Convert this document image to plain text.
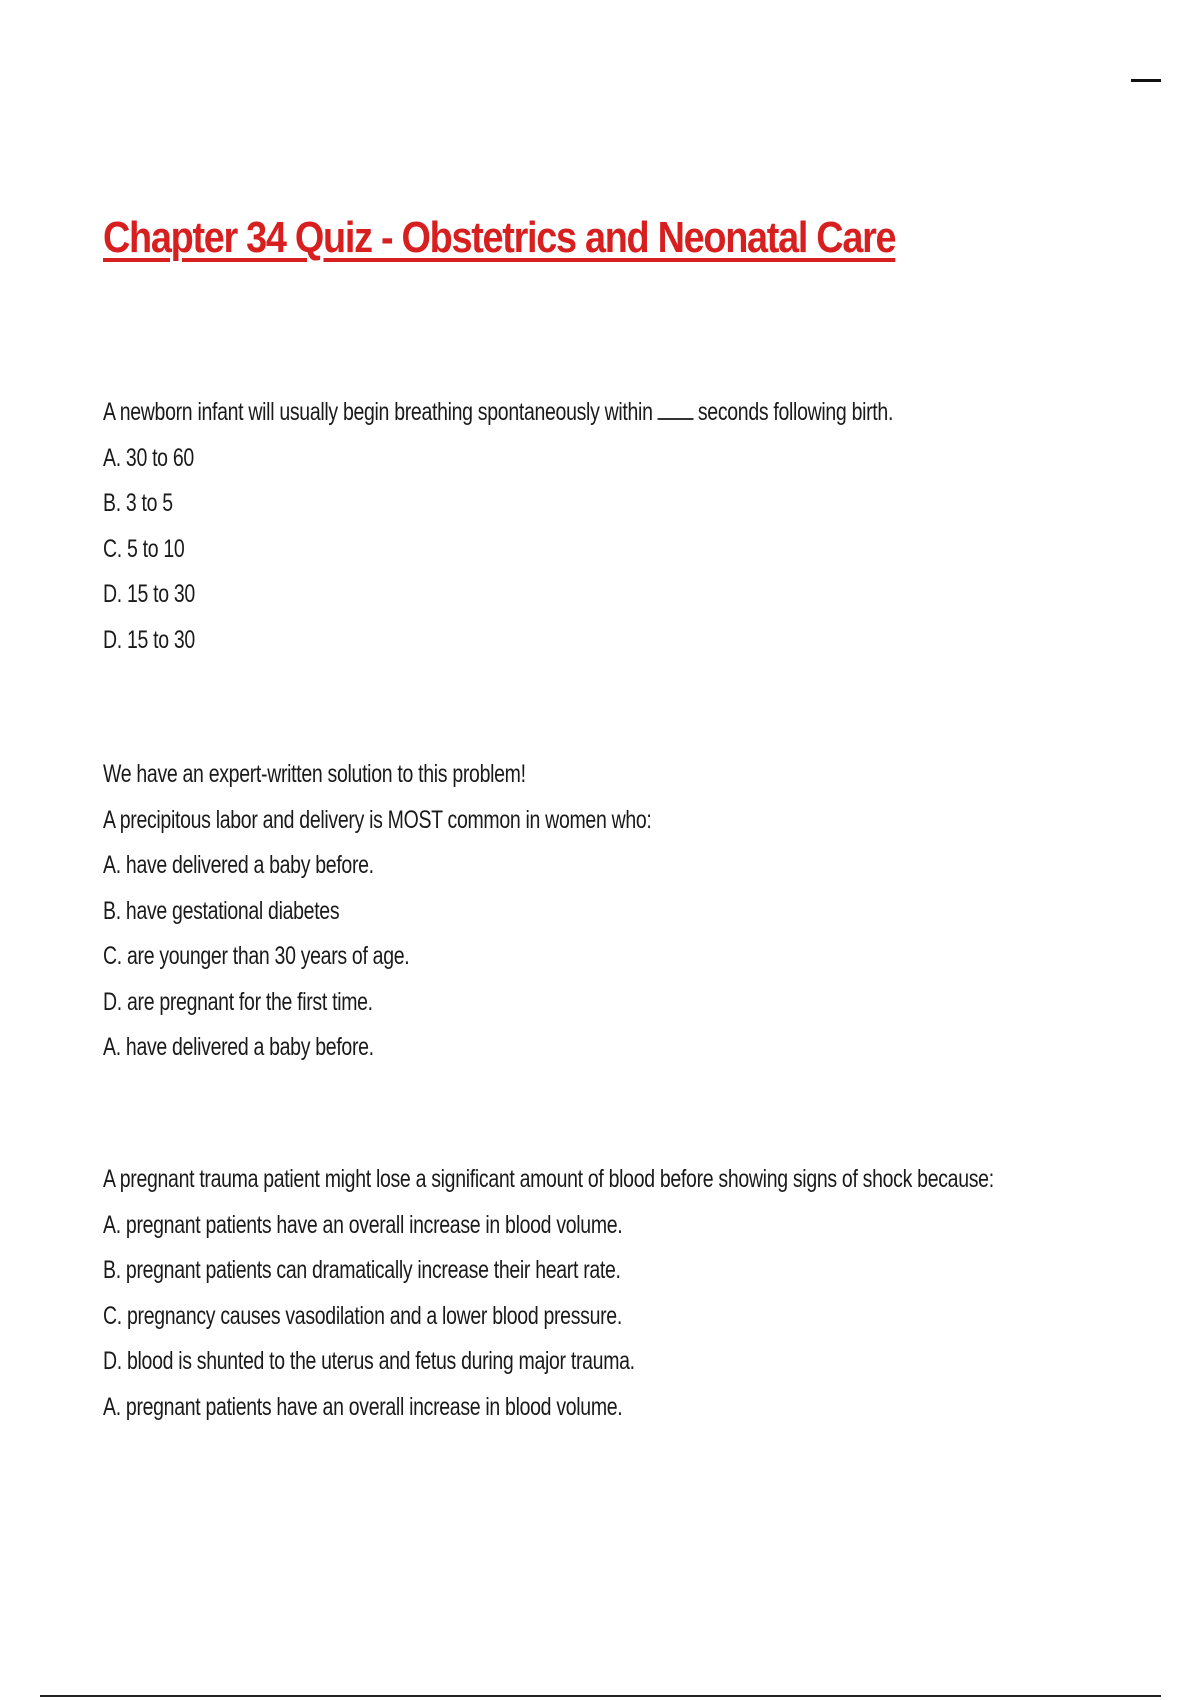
Chapter 34 Quiz - Obstetrics and Neonatal Care
A newborn infant will usually begin breathing spontaneously within seconds following birth.
A. 30 to 60
B. 3 to 5
C. 5 to 10
D. 15 to 30
D. 15 to 30
We have an expert-written solution to this problem!
A precipitous labor and delivery is MOST common in women who:
A. have delivered a baby before.
B. have gestational diabetes
C. are younger than 30 years of age.
D. are pregnant for the first time.
A. have delivered a baby before.
A pregnant trauma patient might lose a significant amount of blood before showing signs of shock because:
A. pregnant patients have an overall increase in blood volume.
B. pregnant patients can dramatically increase their heart rate.
C. pregnancy causes vasodilation and a lower blood pressure.
D. blood is shunted to the uterus and fetus during major trauma.
A. pregnant patients have an overall increase in blood volume.
